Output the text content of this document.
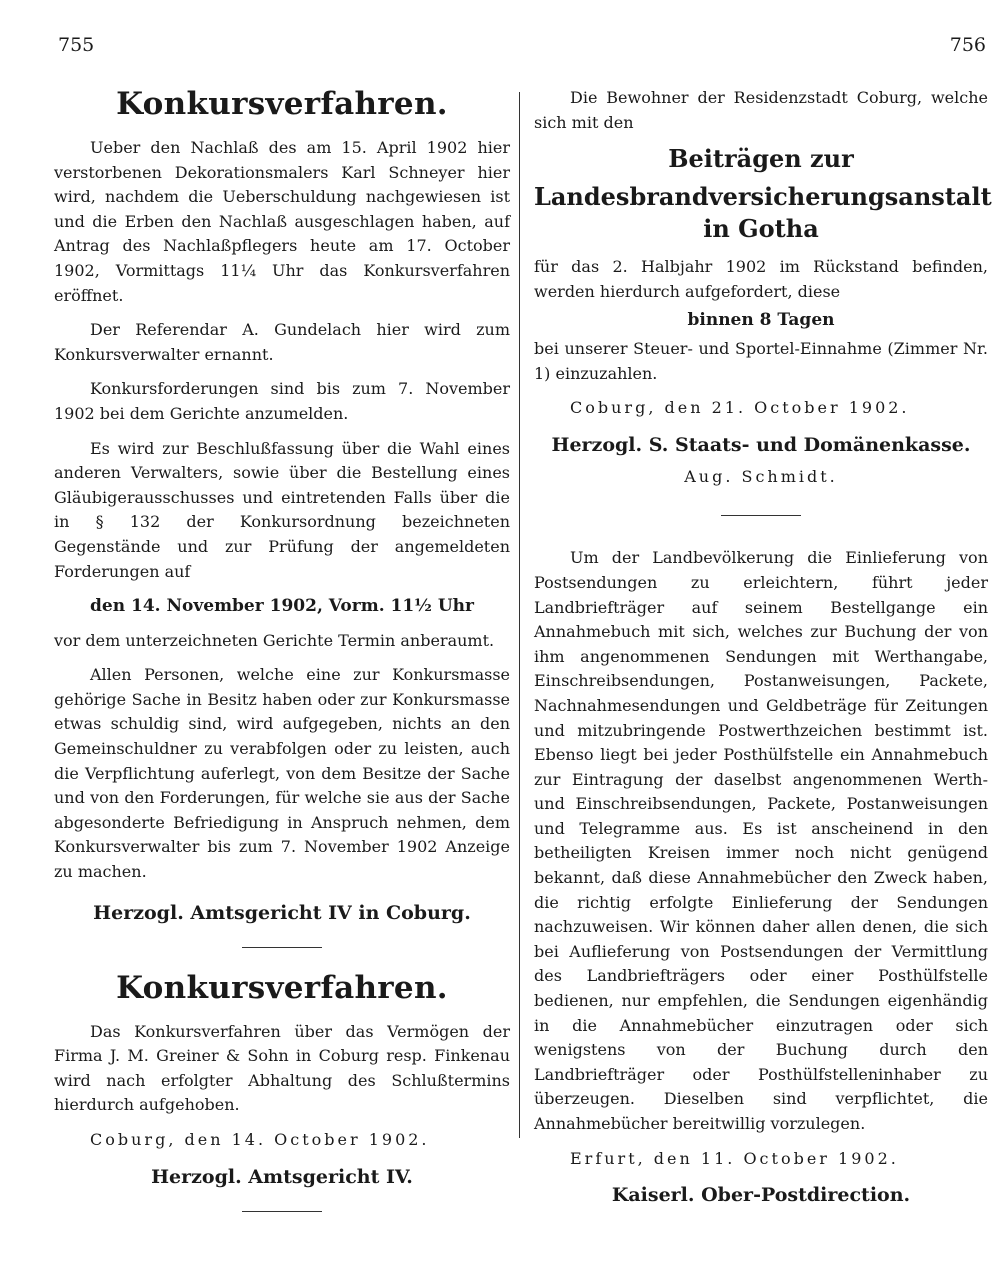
755	756
Konkursverfahren.

Ueber den Nachlaß des am 15. April 1902 hier verstorbenen Dekorationsmalers Karl Schneyer hier wird, nachdem die Ueberschuldung nachgewiesen ist und die Erben den Nachlaß ausgeschlagen haben, auf Antrag des Nachlaßpflegers heute am 17. October 1902, Vormittags 11¼ Uhr das Konkursverfahren eröffnet.

Der Referendar A. Gundelach hier wird zum Konkursverwalter ernannt.

Konkursforderungen sind bis zum 7. November 1902 bei dem Gerichte anzumelden.

Es wird zur Beschlußfassung über die Wahl eines anderen Verwalters, sowie über die Bestellung eines Gläubigerausschusses und eintretenden Falls über die in § 132 der Konkursordnung bezeichneten Gegenstände und zur Prüfung der angemeldeten Forderungen auf

den 14. November 1902, Vorm. 11½ Uhr

vor dem unterzeichneten Gerichte Termin anberaumt.

Allen Personen, welche eine zur Konkursmasse gehörige Sache in Besitz haben oder zur Konkursmasse etwas schuldig sind, wird aufgegeben, nichts an den Gemeinschuldner zu verabfolgen oder zu leisten, auch die Verpflichtung auferlegt, von dem Besitze der Sache und von den Forderungen, für welche sie aus der Sache abgesonderte Befriedigung in Anspruch nehmen, dem Konkursverwalter bis zum 7. November 1902 Anzeige zu machen.

Herzogl. Amtsgericht IV in Coburg.
Konkursverfahren.

Das Konkursverfahren über das Vermögen der Firma J. M. Greiner & Sohn in Coburg resp. Finkenau wird nach erfolgter Abhaltung des Schlußtermins hierdurch aufgehoben.

Coburg, den 14. October 1902.

Herzogl. Amtsgericht IV.

Die Bewohner der Residenzstadt Coburg, welche sich mit den

Beiträgen zur
Landesbrandversicherungsanstalt in Gotha

für das 2. Halbjahr 1902 im Rückstand befinden, werden hierdurch aufgefordert, diese

binnen 8 Tagen

bei unserer Steuer- und Sportel-Einnahme (Zimmer Nr. 1) einzuzahlen.

Coburg, den 21. October 1902.

Herzogl. S. Staats- und Domänenkasse.

Aug. Schmidt.

Um der Landbevölkerung die Einlieferung von Postsendungen zu erleichtern, führt jeder Landbriefträger auf seinem Bestellgange ein Annahmebuch mit sich, welches zur Buchung der von ihm angenommenen Sendungen mit Werthangabe, Einschreibsendungen, Postanweisungen, Packete, Nachnahmesendungen und Geldbeträge für Zeitungen und mitzubringende Postwerthzeichen bestimmt ist. Ebenso liegt bei jeder Posthülfstelle ein Annahmebuch zur Eintragung der daselbst angenommenen Werth- und Einschreibsendungen, Packete, Postanweisungen und Telegramme aus. Es ist anscheinend in den betheiligten Kreisen immer noch nicht genügend bekannt, daß diese Annahmebücher den Zweck haben, die richtig erfolgte Einlieferung der Sendungen nachzuweisen. Wir können daher allen denen, die sich bei Auflieferung von Postsendungen der Vermittlung des Landbriefträgers oder einer Posthülfstelle bedienen, nur empfehlen, die Sendungen eigenhändig in die Annahmebücher einzutragen oder sich wenigstens von der Buchung durch den Landbriefträger oder Posthülfstelleninhaber zu überzeugen. Dieselben sind verpflichtet, die Annahmebücher bereitwillig vorzulegen.

Erfurt, den 11. October 1902.

Kaiserl. Ober-Postdirection.
